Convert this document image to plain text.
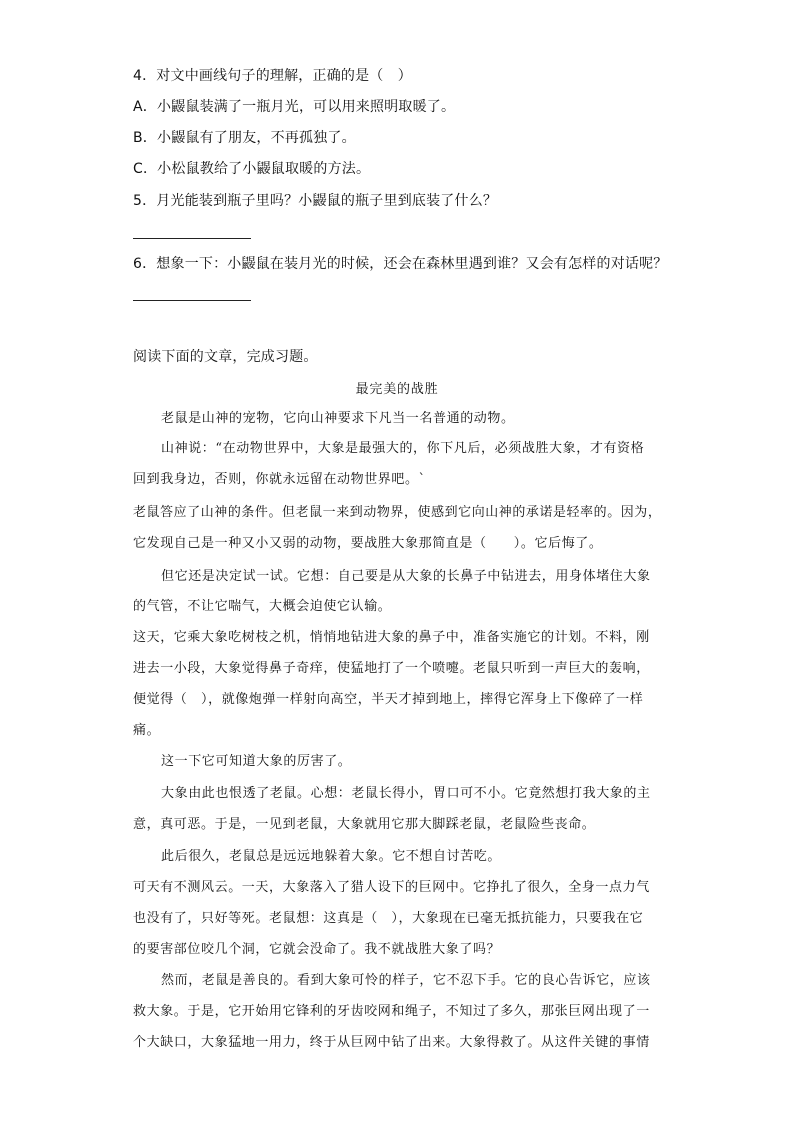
4．对文中画线句子的理解，正确的是（　）
A．小鼹鼠装满了一瓶月光，可以用来照明取暖了。
B．小鼹鼠有了朋友，不再孤独了。
C．小松鼠教给了小鼹鼠取暖的方法。
5．月光能装到瓶子里吗？小鼹鼠的瓶子里到底装了什么？
6．想象一下：小鼹鼠在装月光的时候，还会在森林里遇到谁？又会有怎样的对话呢？
阅读下面的文章，完成习题。
最完美的战胜
老鼠是山神的宠物，它向山神要求下凡当一名普通的动物。
山神说：“在动物世界中，大象是最强大的，你下凡后，必须战胜大象，才有资格
回到我身边，否则，你就永远留在动物世界吧。`
老鼠答应了山神的条件。但老鼠一来到动物界，使感到它向山神的承诺是轻率的。因为，
它发现自己是一种又小又弱的动物，要战胜大象那简直是（　　）。它后悔了。
但它还是决定试一试。它想：自己要是从大象的长鼻子中钻进去，用身体堵住大象
的气管，不让它喘气，大概会迫使它认输。
这天，它乘大象吃树枝之机，悄悄地钻进大象的鼻子中，准备实施它的计划。不料，刚
进去一小段，大象觉得鼻子奇痒，使猛地打了一个喷嚏。老鼠只听到一声巨大的轰响，
便觉得（　），就像炮弹一样射向高空，半天才掉到地上，摔得它浑身上下像碎了一样
痛。
这一下它可知道大象的厉害了。
大象由此也恨透了老鼠。心想：老鼠长得小，胃口可不小。它竟然想打我大象的主
意，真可恶。于是，一见到老鼠，大象就用它那大脚踩老鼠，老鼠险些丧命。
此后很久，老鼠总是远远地躲着大象。它不想自讨苦吃。
可天有不测风云。一天，大象落入了猎人设下的巨网中。它挣扎了很久，全身一点力气
也没有了，只好等死。老鼠想：这真是（　），大象现在已毫无抵抗能力，只要我在它
的要害部位咬几个洞，它就会没命了。我不就战胜大象了吗？
然而，老鼠是善良的。看到大象可怜的样子，它不忍下手。它的良心告诉它，应该
救大象。于是，它开始用它锋利的牙齿咬网和绳子，不知过了多久，那张巨网出现了一
个大缺口，大象猛地一用力，终于从巨网中钻了出来。大象得救了。从这件关键的事情
